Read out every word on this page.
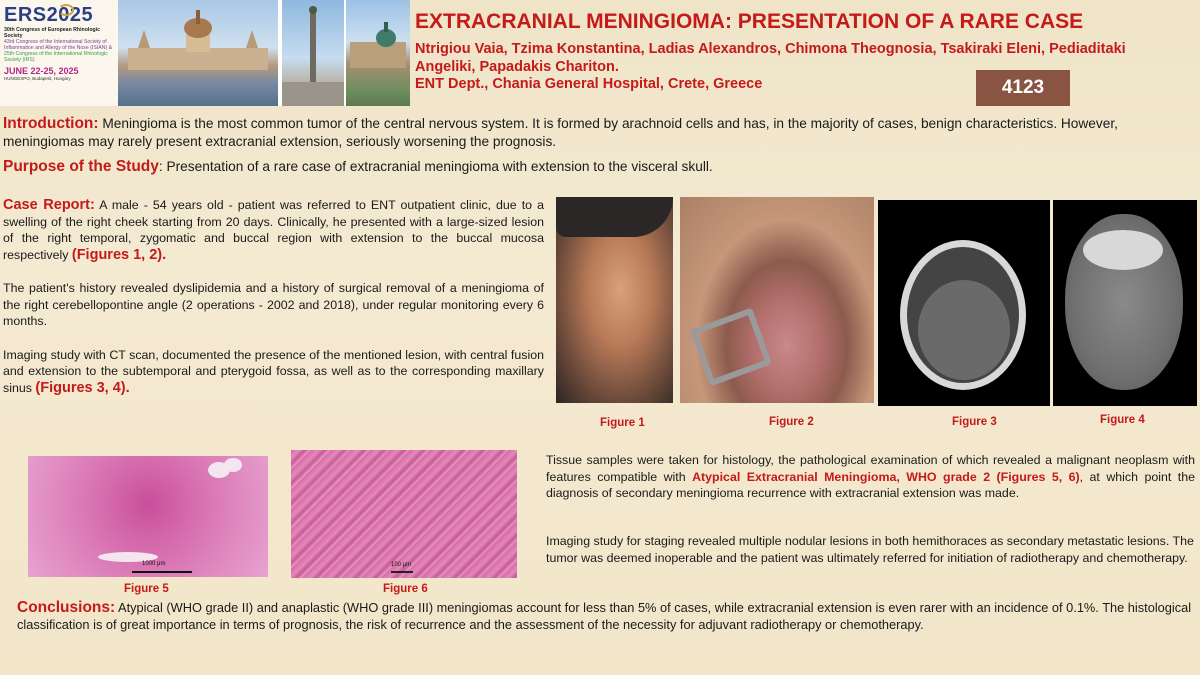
ERS2025
30th Congress of European Rhinologic Society
43rd Congress of the International Society of Inflammation and Allergy of the Nose (ISIAN) &
25th Congress of the International Rhinologic Society (IRS)
JUNE 22-25, 2025
HUNGEXPO, Budapest, Hungary
EXTRACRANIAL MENINGIOMA: PRESENTATION OF A RARE CASE
Ntrigiou Vaia, Tzima Konstantina, Ladias Alexandros, Chimona Theognosia, Tsakiraki Eleni, Pediaditaki Angeliki, Papadakis Chariton.
ENT Dept., Chania General Hospital, Crete, Greece	4123
Introduction: Meningioma is the most common tumor of the central nervous system. It is formed by arachnoid cells and has, in the majority of cases, benign characteristics. However, meningiomas may rarely present extracranial extension, seriously worsening the prognosis.
Purpose of the Study: Presentation of a rare case of extracranial meningioma with extension to the visceral skull.

Case Report: A male - 54 years old - patient was referred to ENT outpatient clinic, due to a swelling of the right cheek starting from 20 days. Clinically, he presented with a large-sized lesion of the right temporal, zygomatic and buccal region with extension to the buccal mucosa respectively (Figures 1, 2).

The patient's history revealed dyslipidemia and a history of surgical removal of a meningioma of the right cerebellopontine angle (2 operations - 2002 and 2018), under regular monitoring every 6 months.

Imaging study with CT scan, documented the presence of the mentioned lesion, with central fusion and extension to the subtemporal and pterygoid fossa, as well as to the corresponding maxillary sinus (Figures 3, 4).

Figure 1	Figure 2	Figure 3	Figure 4
1000 μm	100 μm
Figure 5	Figure 6
Tissue samples were taken for histology, the pathological examination of which revealed a malignant neoplasm with features compatible with Atypical Extracranial Meningioma, WHO grade 2 (Figures 5, 6), at which point the diagnosis of secondary meningioma recurrence with extracranial extension was made.
Imaging study for staging revealed multiple nodular lesions in both hemithoraces as secondary metastatic lesions. The tumor was deemed inoperable and the patient was ultimately referred for initiation of radiotherapy and chemotherapy.
Conclusions: Atypical (WHO grade II) and anaplastic (WHO grade III) meningiomas account for less than 5% of cases, while extracranial extension is even rarer with an incidence of 0.1%. The histological classification is of great importance in terms of prognosis, the risk of recurrence and the assessment of the necessity for adjuvant radiotherapy or chemotherapy.
